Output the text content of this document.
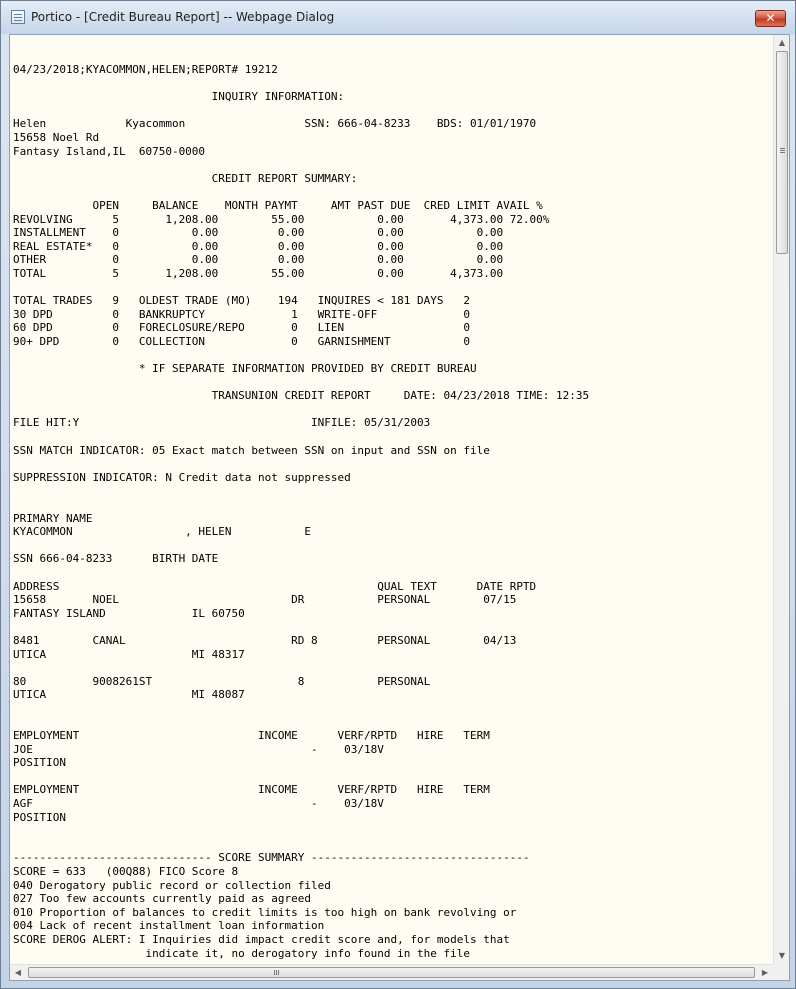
Portico - [Credit Bureau Report] -- Webpage Dialog	✕
04/23/2018;KYACOMMON,HELEN;REPORT# 19212

INQUIRY INFORMATION:

Helen            Kyacommon                  SSN: 666-04-8233    BDS: 01/01/1970
15658 Noel Rd
Fantasy Island,IL  60750-0000

CREDIT REPORT SUMMARY:

OPEN     BALANCE    MONTH PAYMT     AMT PAST DUE  CRED LIMIT AVAIL %
REVOLVING      5       1,208.00        55.00           0.00       4,373.00 72.00%
INSTALLMENT    0           0.00         0.00           0.00           0.00
REAL ESTATE*   0           0.00         0.00           0.00           0.00
OTHER          0           0.00         0.00           0.00           0.00
TOTAL          5       1,208.00        55.00           0.00       4,373.00

TOTAL TRADES   9   OLDEST TRADE (MO)    194   INQUIRES < 181 DAYS   2
30 DPD         0   BANKRUPTCY             1   WRITE-OFF             0
60 DPD         0   FORECLOSURE/REPO       0   LIEN                  0
90+ DPD        0   COLLECTION             0   GARNISHMENT           0

* IF SEPARATE INFORMATION PROVIDED BY CREDIT BUREAU

TRANSUNION CREDIT REPORT     DATE: 04/23/2018 TIME: 12:35

FILE HIT:Y                                   INFILE: 05/31/2003

SSN MATCH INDICATOR: 05 Exact match between SSN on input and SSN on file

SUPPRESSION INDICATOR: N Credit data not suppressed

PRIMARY NAME
KYACOMMON                 , HELEN           E

SSN 666-04-8233      BIRTH DATE

ADDRESS                                                QUAL TEXT      DATE RPTD
15658       NOEL                          DR           PERSONAL        07/15
FANTASY ISLAND             IL 60750

8481        CANAL                         RD 8         PERSONAL        04/13
UTICA                      MI 48317

80          9008261ST                      8           PERSONAL
UTICA                      MI 48087

EMPLOYMENT                           INCOME      VERF/RPTD   HIRE   TERM
JOE                                          -    03/18V
POSITION

EMPLOYMENT                           INCOME      VERF/RPTD   HIRE   TERM
AGF                                          -    03/18V
POSITION

------------------------------ SCORE SUMMARY ---------------------------------
SCORE = 633   (00Q88) FICO Score 8
040 Derogatory public record or collection filed
027 Too few accounts currently paid as agreed
010 Proportion of balances to credit limits is too high on bank revolving or
004 Lack of recent installment loan information
SCORE DEROG ALERT: I Inquiries did impact credit score and, for models that
indicate it, no derogatory info found in the file

▲
▼
◀	▶
